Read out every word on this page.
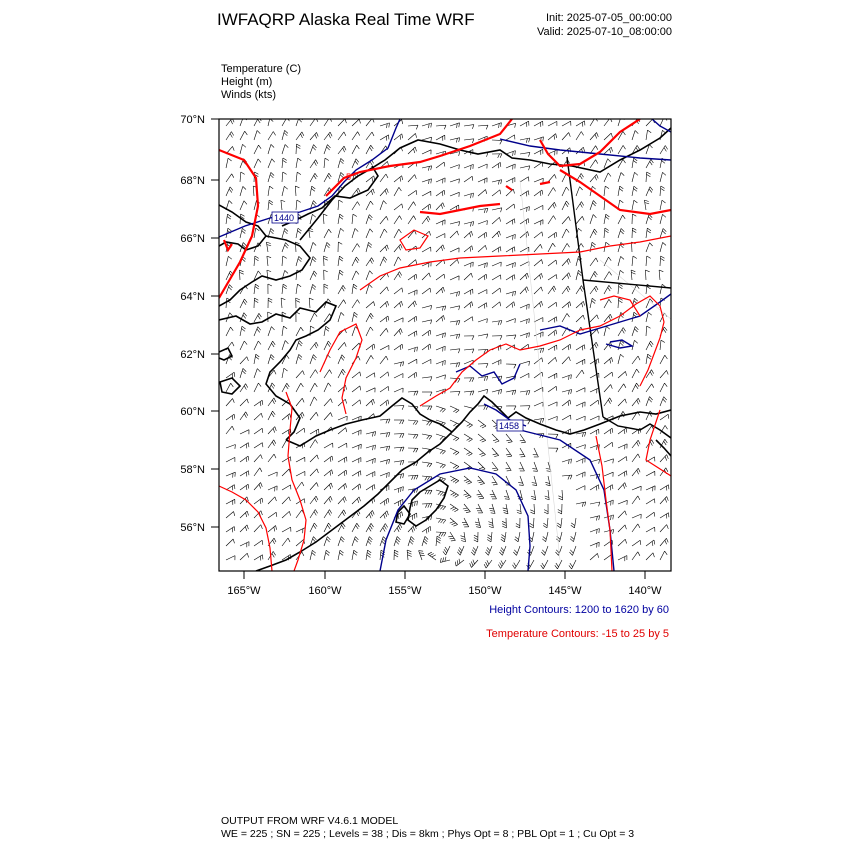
IWFAQRP Alaska Real Time WRF	Init: 2025-07-05_00:00:00
Valid: 2025-07-10_08:00:00
Temperature (C)
Height (m)
Winds (kts)
1440
1458
5
70°N
68°N
66°N
64°N
62°N
60°N
58°N
56°N
165°W	160°W	155°W	150°W	145°W	140°W
Height Contours: 1200 to 1620 by 60
Temperature Contours: -15 to 25 by 5
OUTPUT FROM WRF V4.6.1 MODEL
WE = 225 ; SN = 225 ; Levels = 38 ; Dis = 8km ; Phys Opt = 8 ; PBL Opt = 1 ; Cu Opt = 3
